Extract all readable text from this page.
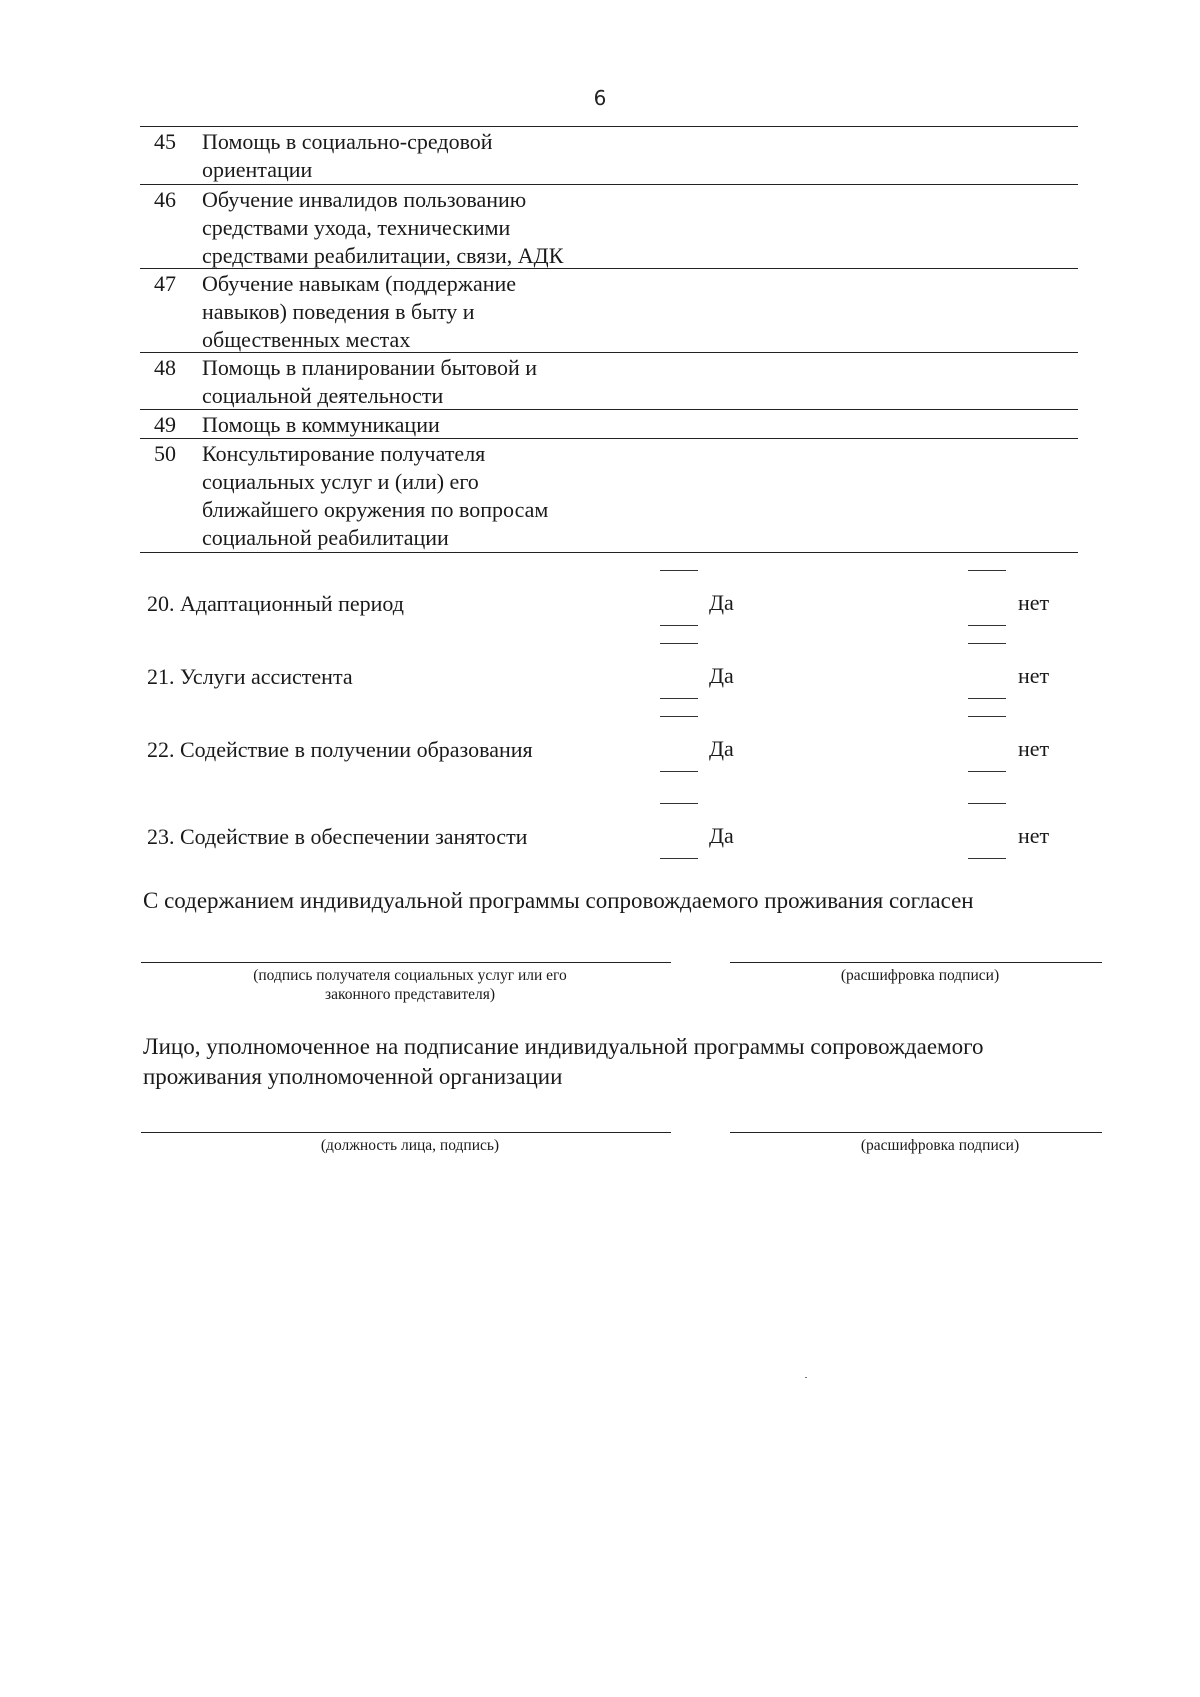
6
45	Помощь в социально-средовой ориентации
46	Обучение инвалидов пользованию средствами ухода, техническими средствами реабилитации, связи, АДК
47	Обучение навыкам (поддержание навыков) поведения в быту и общественных местах
48	Помощь в планировании бытовой и социальной деятельности
49	Помощь в коммуникации
50	Консультирование получателя социальных услуг и (или) его ближайшего окружения по вопросам социальной реабилитации
20. Адаптационный период	Да	нет
21. Услуги ассистента	Да	нет
22. Содействие в получении образования	Да	нет
23. Содействие в обеспечении занятости	Да	нет
С содержанием индивидуальной программы сопровождаемого проживания согласен
(подпись получателя социальных услуг или его законного представителя)
(расшифровка подписи)
Лицо, уполномоченное на подписание индивидуальной программы сопровождаемого проживания уполномоченной организации
(должность лица, подпись)	(расшифровка подписи)
